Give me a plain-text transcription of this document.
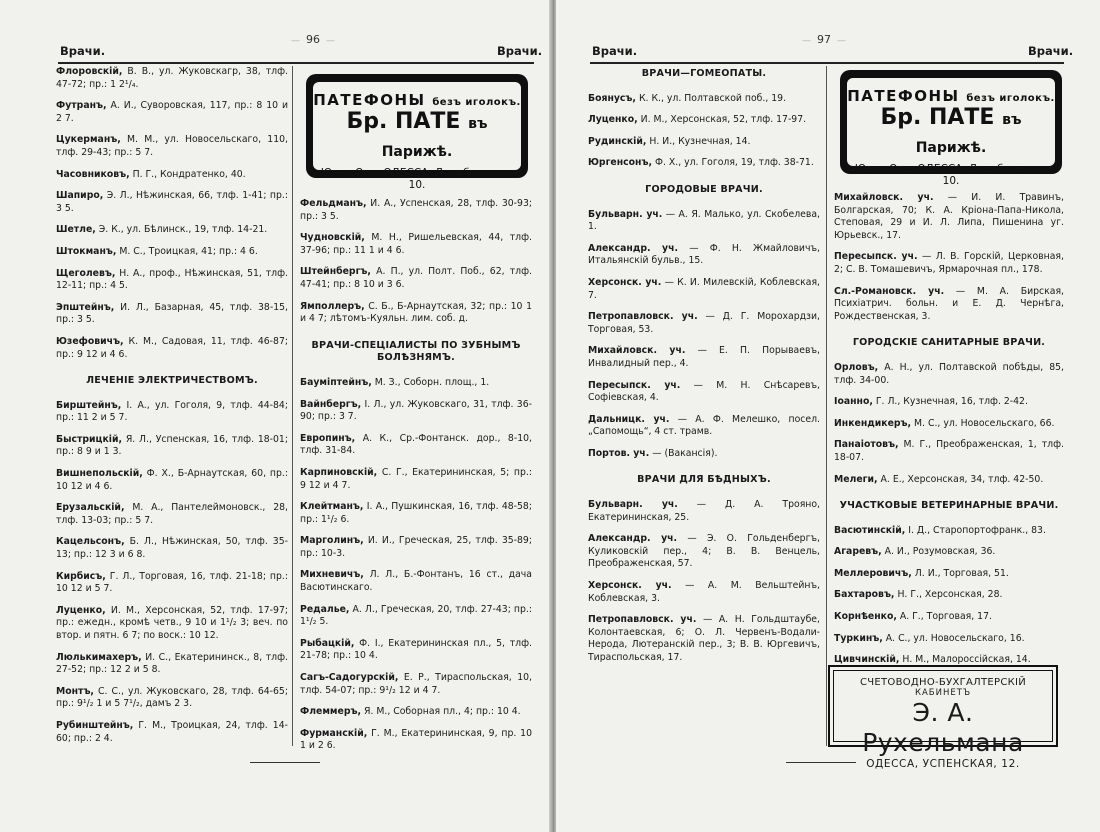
— 96 —
Врачи.	Врачи.
Флоровскій, В. В., ул. Жуковскагр, 38, тлф. 47-72; пр.: 1 2¹/₄.
Футранъ, А. И., Суворовская, 117, пр.: 8 10 и 2 7.
Цукерманъ, М. М., ул. Новосельскаго, 110, тлф. 29-43; пр.: 5 7.
Часовниковъ, П. Г., Кондратенко, 40.
Шапиро, Э. Л., Нѣжинская, 66, тлф. 1-41; пр.: 3 5.
Шетле, Э. К., ул. Бѣлинск., 19, тлф. 14-21.
Штокманъ, М. С., Троицкая, 41; пр.: 4 6.
Щеголевъ, Н. А., проф., Нѣжинская, 51, тлф. 12-11; пр.: 4 5.
Эпштейнъ, И. Л., Базарная, 45, тлф. 38-15, пр.: 3 5.
Юзефовичъ, К. М., Садовая, 11, тлф. 46-87; пр.: 9 12 и 4 6.
ЛЕЧЕНІЕ ЭЛЕКТРИЧЕСТВОМЪ.
Бирштейнъ, І. А., ул. Гоголя, 9, тлф. 44-84; пр.: 11 2 и 5 7.
Быстрицкій, Я. Л., Успенская, 16, тлф. 18-01; пр.: 8 9 и 1 3.
Вишнепольскій, Ф. Х., Б-Арнаутская, 60, пр.: 10 12 и 4 6.
Ерузальскій, М. А., Пантелеймоновск., 28, тлф. 13-03; пр.: 5 7.
Кацельсонъ, Б. Л., Нѣжинская, 50, тлф. 35-13; пр.: 12 3 и 6 8.
Кирбисъ, Г. Л., Торговая, 16, тлф. 21-18; пр.: 10 12 и 5 7.
Луценко, И. М., Херсонская, 52, тлф. 17-97; пр.: ежедн., кромѣ четв., 9 10 и 1¹/₂ 3; веч. по втор. и пятн. 6 7; по воск.: 10 12.
Люлькимахеръ, И. С., Екатерининск., 8, тлф. 27-52; пр.: 12 2 и 5 8.
Монтъ, С. С., ул. Жуковскаго, 28, тлф. 64-65; пр.: 9¹/₂ 1 и 5 7¹/₂, дамъ 2 3.
Рубинштейнъ, Г. М., Троицкая, 24, тлф. 14-60; пр.: 2 4.
ПАТЕФОНЫ безъ иголокъ.
Бр. ПАТЕ въ Парижѣ.
Южн. Отд. ОДЕССА, Дерибасовск., 10.
Фельдманъ, И. А., Успенская, 28, тлф. 30-93; пр.: 3 5.
Чудновскій, М. Н., Ришельевская, 44, тлф. 37-96; пр.: 11 1 и 4 6.
Штейнбергъ, А. П., ул. Полт. Поб., 62, тлф. 47-41; пр.: 8 10 и 3 6.
Ямполлеръ, С. Б., Б-Арнаутская, 32; пр.: 10 1 и 4 7; лѣтомъ-Куяльн. лим. соб. д.
ВРАЧИ-СПЕЦІАЛИСТЫ ПО ЗУБНЫМЪ БОЛѢЗНЯМЪ.
Бауміптейнъ, М. З., Соборн. площ., 1.
Вайнбергъ, І. Л., ул. Жуковскаго, 31, тлф. 36-90; пр.: 3 7.
Европинъ, А. К., Ср.-Фонтанск. дор., 8-10, тлф. 31-84.
Карпиновскій, С. Г., Екатерининская, 5; пр.: 9 12 и 4 7.
Клейтманъ, І. А., Пушкинская, 16, тлф. 48-58; пр.: 1¹/₂ 6.
Марголинъ, И. И., Греческая, 25, тлф. 35-89; пр.: 10-3.
Михневичъ, Л. Л., Б.-Фонтанъ, 16 ст., дача Васютинскаго.
Редалье, А. Л., Греческая, 20, тлф. 27-43; пр.: 1¹/₂ 5.
Рыбацкій, Ф. І., Екатерининская пл., 5, тлф. 21-78; пр.: 10 4.
Сагъ-Садогурскій, Е. Р., Тираспольская, 10, тлф. 54-07; пр.: 9¹/₂ 12 и 4 7.
Флеммеръ, Я. М., Соборная пл., 4; пр.: 10 4.
Фурманскій, Г. М., Екатерининская, 9, пр. 10 1 и 2 6.
— 97 —
Врачи.	Врачи.
ВРАЧИ—ГОМЕОПАТЫ.
Боянусъ, К. К., ул. Полтавской поб., 19.
Луценко, И. М., Херсонская, 52, тлф. 17-97.
Рудинскій, Н. И., Кузнечная, 14.
Юргенсонъ, Ф. Х., ул. Гоголя, 19, тлф. 38-71.
ГОРОДОВЫЕ ВРАЧИ.
Бульварн. уч. — А. Я. Малько, ул. Скобелева, 1.
Александр. уч. — Ф. Н. Жмайловичъ, Итальянскій бульв., 15.
Херсонск. уч. — К. И. Милевскій, Коблевская, 7.
Петропавловск. уч. — Д. Г. Морохардзи, Торговая, 53.
Михайловск. уч. — Е. П. Порываевъ, Инвалидный пер., 4.
Пересыпск. уч. — М. Н. Снѣсаревъ, Софіевская, 4.
Дальницк. уч. — А. Ф. Мелешко, посел. „Сапомощь“, 4 ст. трамв.
Портов. уч. — (Вакансія).
ВРАЧИ ДЛЯ БѢДНЫХЪ.
Бульварн. уч. — Д. А. Трояно, Екатерининская, 25.
Александр. уч. — Э. О. Гольденбергъ, Куликовскій пер., 4; В. В. Венцель, Преображенская, 57.
Херсонск. уч. — А. М. Вельштейнъ, Коблевская, 3.
Петропавловск. уч. — А. Н. Гольдштаубе, Колонтаевская, 6; О. Л. Червенъ-Водали-Нерода, Лютеранскій пер., 3; В. В. Юргевичъ, Тираспольская, 17.
ПАТЕФОНЫ безъ иголокъ.
Бр. ПАТЕ въ Парижѣ.
Южн. Отд. ОДЕССА, Дерибасовск., 10.
Михайловск. уч. — И. И. Травинъ, Болгарская, 70; К. А. Кріона-Папа-Никола, Степовая, 29 и И. Л. Липа, Пишенина уг. Юрьевск., 17.
Пересыпск. уч. — Л. В. Горскій, Церковная, 2; С. В. Томашевичъ, Ярмарочная пл., 178.
Сл.-Романовск. уч. — М. А. Бирская, Психіатрич. больн. и Е. Д. Чернѣга, Рождественская, 3.
ГОРОДСКІЕ САНИТАРНЫЕ ВРАЧИ.
Орловъ, А. Н., ул. Полтавской побѣды, 85, тлф. 34-00.
Іоанно, Г. Л., Кузнечная, 16, тлф. 2-42.
Инкендикеръ, М. С., ул. Новосельскаго, 66.
Панаіотовъ, М. Г., Преображенская, 1, тлф. 18-07.
Мелеги, А. Е., Херсонская, 34, тлф. 42-50.
УЧАСТКОВЫЕ ВЕТЕРИНАРНЫЕ ВРАЧИ.
Васютинскій, І. Д., Старопортофранк., 83.
Агаревъ, А. И., Розумовская, 36.
Меллеровичъ, Л. И., Торговая, 51.
Бахтаровъ, Н. Г., Херсонская, 28.
Корнѣенко, А. Г., Торговая, 17.
Туркинъ, А. С., ул. Новосельскаго, 16.
Цивчинскій, Н. М., Малороссійская, 14.
СЧЕТОВОДНО-БУХГАЛТЕРСКІЙ
КАБИНЕТЪ
Э. А. Рухельмана
ОДЕССА, УСПЕНСКАЯ, 12.
